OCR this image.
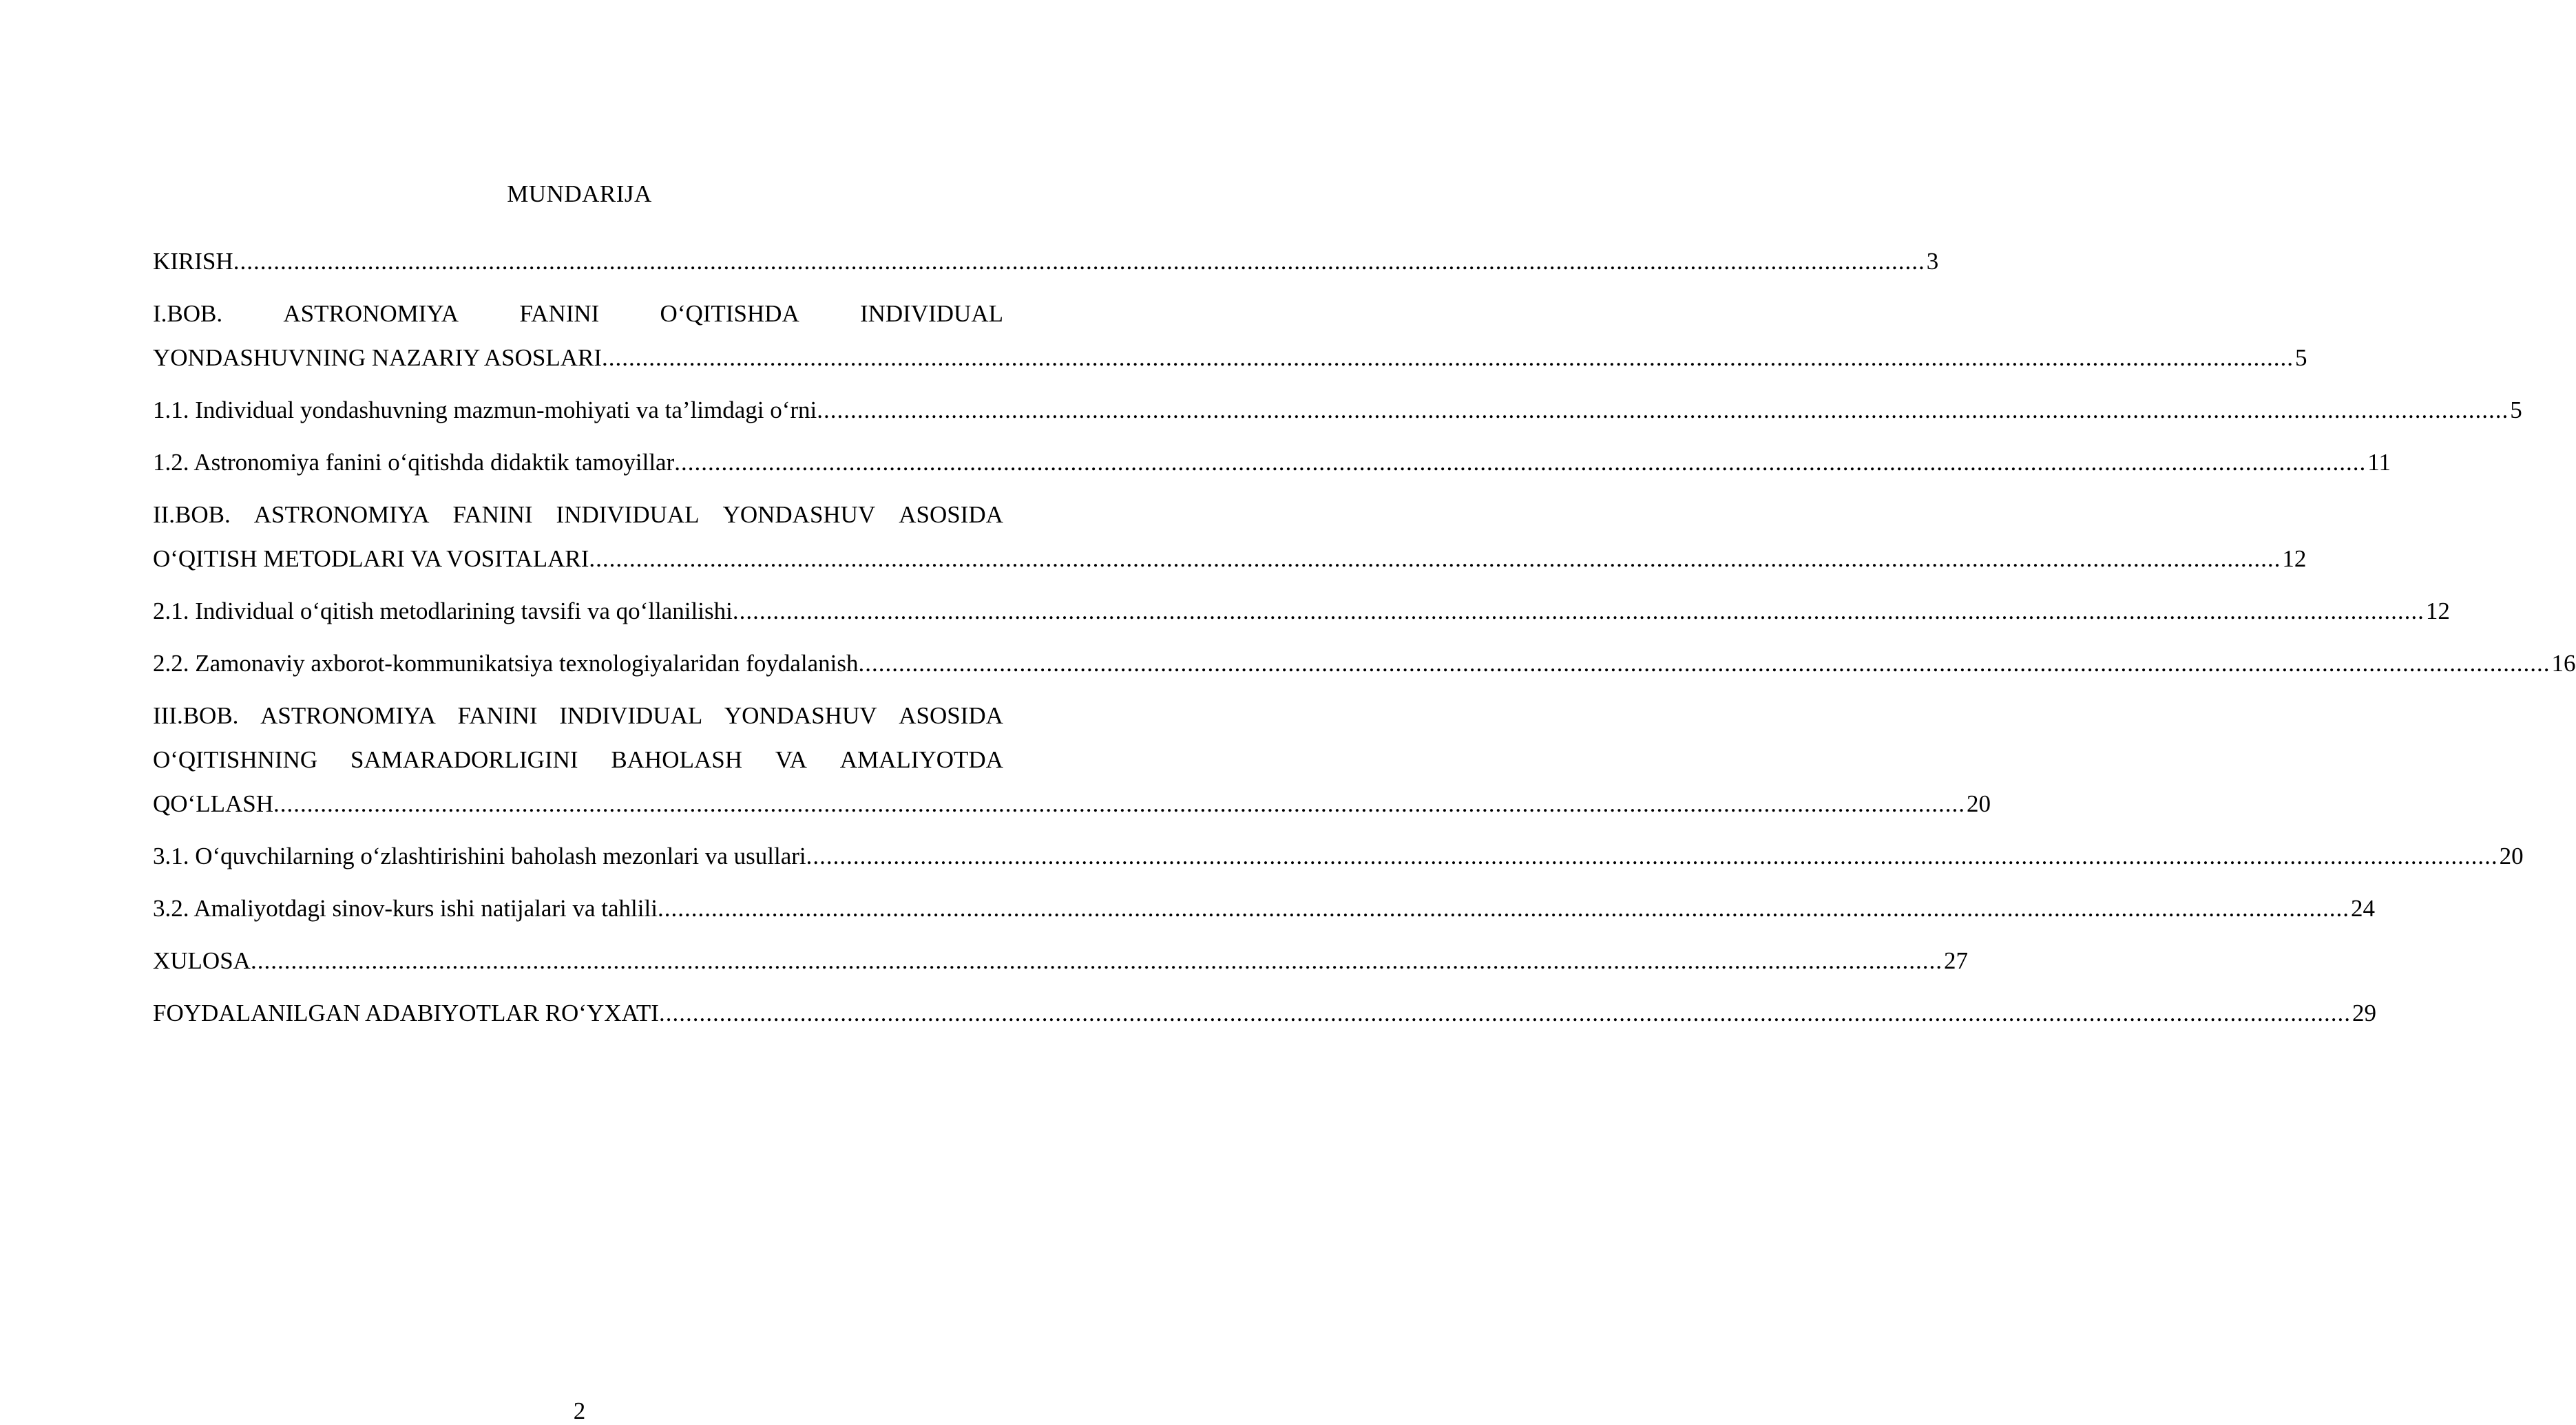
MUNDARIJA
KIRISH .....	3
I.BOB.	ASTRONOMIYA	FANINI	O‘QITISHDA	INDIVIDUAL
YONDASHUVNING NAZARIY ASOSLARI .....	5
1.1. Individual yondashuvning mazmun-mohiyati va ta’limdagi o‘rni .....	5
1.2. Astronomiya fanini o‘qitishda didaktik tamoyillar .....	11
II.BOB. ASTRONOMIYA FANINI INDIVIDUAL YONDASHUV ASOSIDA
O‘QITISH METODLARI VA VOSITALARI .....	12
2.1. Individual o‘qitish metodlarining tavsifi va qo‘llanilishi .....	12
2.2. Zamonaviy axborot-kommunikatsiya texnologiyalaridan foydalanish .....	16
III.BOB. ASTRONOMIYA FANINI INDIVIDUAL YONDASHUV ASOSIDA
O‘QITISHNING SAMARADORLIGINI BAHOLASH VA AMALIYOTDA
QO‘LLASH .....	20
3.1. O‘quvchilarning o‘zlashtirishini baholash mezonlari va usullari .....	20
3.2. Amaliyotdagi sinov-kurs ishi natijalari va tahlili .....	24
XULOSA .....	27
FOYDALANILGAN ADABIYOTLAR RO‘YXATI .....	29
2
